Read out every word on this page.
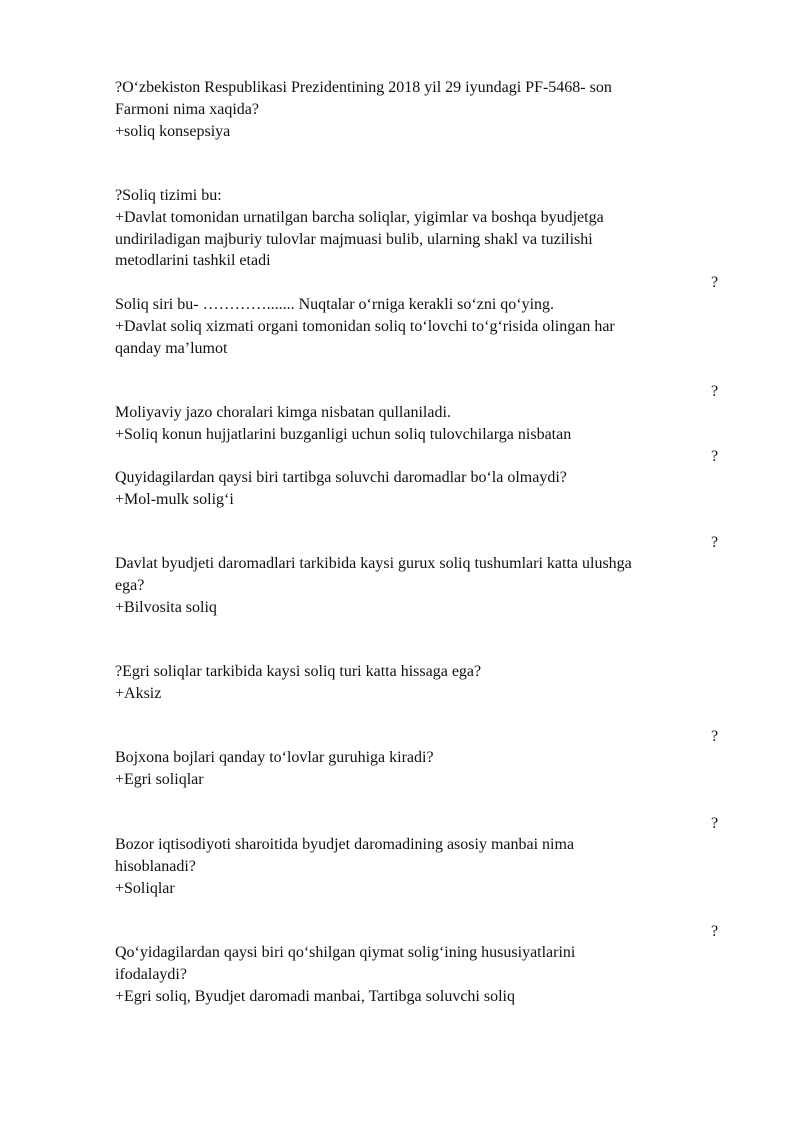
?O‘zbekiston Respublikasi Prezidentining 2018 yil 29 iyundagi PF-5468- son
Farmoni nima xaqida?
+soliq konsepsiya
?Soliq tizimi bu:
+Davlat tomonidan urnatilgan barcha soliqlar, yigimlar va boshqa byudjetga
undiriladigan majburiy tulovlar majmuasi bulib, ularning shakl va tuzilishi
metodlarini tashkil etadi
?
Soliq siri bu- …………....... Nuqtalar o‘rniga kerakli so‘zni qo‘ying.
+Davlat soliq xizmati organi tomonidan soliq to‘lovchi to‘g‘risida olingan har
qanday ma’lumot
?
Moliyaviy jazo choralari kimga nisbatan qullaniladi.
+Soliq konun hujjatlarini buzganligi uchun soliq tulovchilarga nisbatan
?
Quyidagilardan qaysi biri tartibga soluvchi daromadlar bo‘la olmaydi?
+Mol-mulk solig‘i
?
Davlat byudjeti daromadlari tarkibida kaysi gurux soliq tushumlari katta ulushga
ega?
+Bilvosita soliq
?Egri soliqlar tarkibida kaysi soliq turi katta hissaga ega?
+Aksiz
?
Bojxona bojlari qanday to‘lovlar guruhiga kiradi?
+Egri soliqlar
?
Bozor iqtisodiyoti sharoitida byudjet daromadining asosiy manbai nima
hisoblanadi?
+Soliqlar
?
Qo‘yidagilardan qaysi biri qo‘shilgan qiymat solig‘ining hususiyatlarini
ifodalaydi?
+Egri soliq, Byudjet daromadi manbai, Tartibga soluvchi soliq
